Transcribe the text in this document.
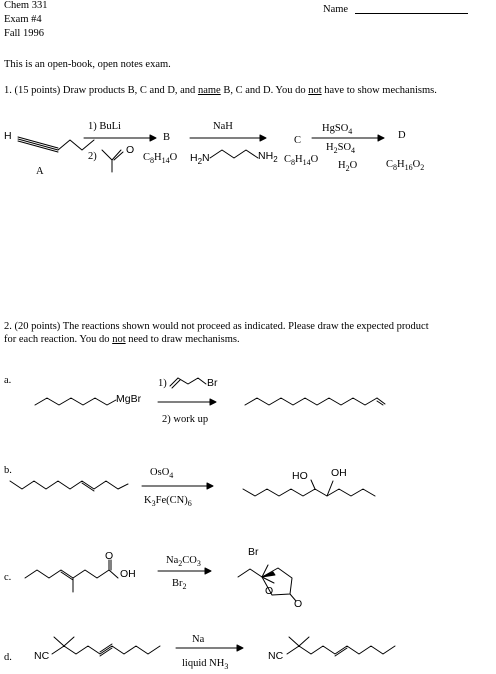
Chem 331
Exam #4
Fall 1996
Name
This is an open-book, open notes exam.
1. (15 points) Draw products B, C and D, and name B, C and D. You do not have to show mechanisms.
2. (20 points) The reactions shown would not proceed as indicated. Please draw the expected product
for each reaction. You do not need to draw mechanisms.
H
A
1) BuLi
2)
O
B
$C_8H_{14}O$
NaH
$H_2N$	$NH_2$
C
$C_8H_{14}O$
HgSO$_4$
$H_2SO_4$
$H_2O$
D
$C_8H_{16}O_2$
a.
MgBr
1)	Br
2) work up
b.	OsO$_4$
$K_3Fe(CN)_6$
HO OH
c.	OH
O	$Na_2CO_3$
$Br_2$
Br
O
O
d. NC
Na
liquid $NH_3$
NC
